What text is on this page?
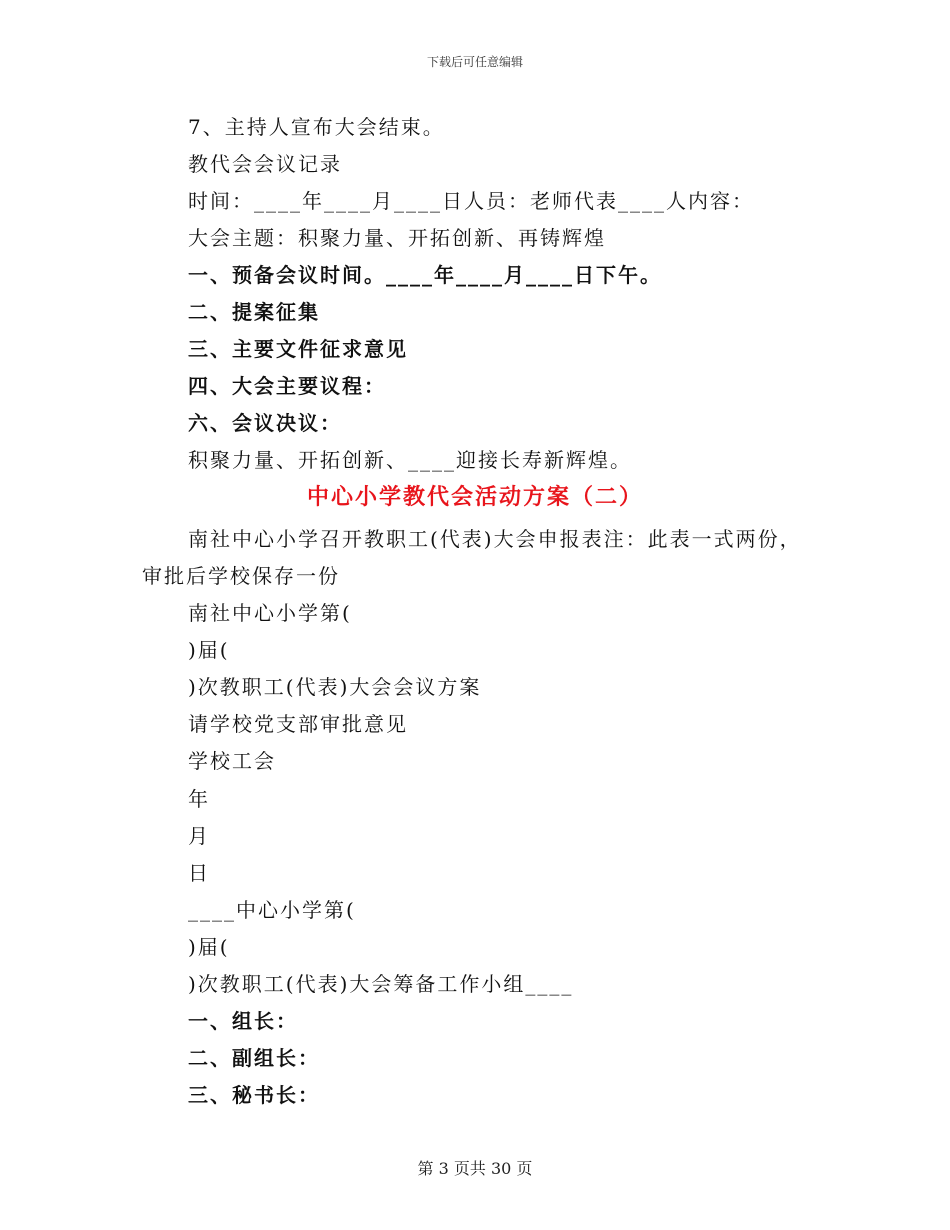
下载后可任意编辑
7、主持人宣布大会结束。
教代会会议记录
时间：____年____月____日人员：老师代表____人内容：
大会主题：积聚力量、开拓创新、再铸辉煌
一、预备会议时间。____年____月____日下午。
二、提案征集
三、主要文件征求意见
四、大会主要议程：
六、会议决议：
积聚力量、开拓创新、____迎接长寿新辉煌。
中心小学教代会活动方案（二）
南社中心小学召开教职工(代表)大会申报表注：此表一式两份，
审批后学校保存一份
南社中心小学第(
)届(
)次教职工(代表)大会会议方案
请学校党支部审批意见
学校工会
年
月
日
____中心小学第(
)届(
)次教职工(代表)大会筹备工作小组____
一、组长：
二、副组长：
三、秘书长：
第 3 页共 30 页
